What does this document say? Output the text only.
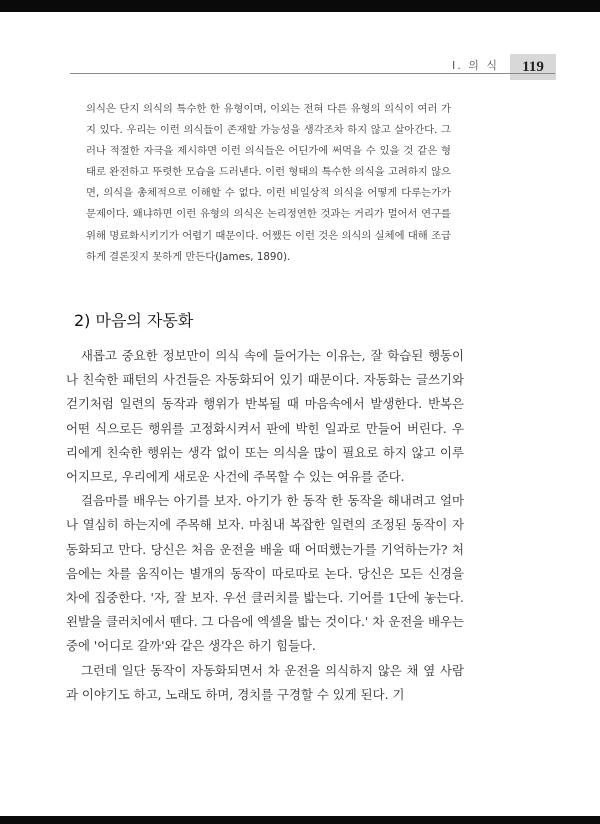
I. 의 식	119
의식은 단지 의식의 특수한 한 유형이며, 이외는 전혀 다른 유형의 의식이 여러 가지 있다. 우리는 이런 의식들이 존재할 가능성을 생각조차 하지 않고 살아간다. 그러나 적절한 자극을 제시하면 이런 의식들은 어딘가에 써먹을 수 있을 것 같은 형태로 완전하고 뚜렷한 모습을 드러낸다. 이런 형태의 특수한 의식을 고려하지 않으면, 의식을 총체적으로 이해할 수 없다. 이런 비일상적 의식을 어떻게 다루는가가 문제이다. 왜냐하면 이런 유형의 의식은 논리정연한 것과는 거리가 멀어서 연구를 위해 명료화시키기가 어렵기 때문이다. 어쨌든 이런 것은 의식의 실체에 대해 조급하게 결론짓지 못하게 만든다(James, 1890).
2) 마음의 자동화

새롭고 중요한 정보만이 의식 속에 들어가는 이유는, 잘 학습된 행동이나 친숙한 패턴의 사건들은 자동화되어 있기 때문이다. 자동화는 글쓰기와 걷기처럼 일련의 동작과 행위가 반복될 때 마음속에서 발생한다. 반복은 어떤 식으로든 행위를 고정화시켜서 판에 박힌 일과로 만들어 버린다. 우리에게 친숙한 행위는 생각 없이 또는 의식을 많이 필요로 하지 않고 이루어지므로, 우리에게 새로운 사건에 주목할 수 있는 여유를 준다.

걸음마를 배우는 아기를 보자. 아기가 한 동작 한 동작을 해내려고 얼마나 열심히 하는지에 주목해 보자. 마침내 복잡한 일련의 조정된 동작이 자동화되고 만다. 당신은 처음 운전을 배울 때 어떠했는가를 기억하는가? 처음에는 차를 움직이는 별개의 동작이 따로따로 논다. 당신은 모든 신경을 차에 집중한다. '자, 잘 보자. 우선 클러치를 밟는다. 기어를 1단에 놓는다. 왼발을 클러치에서 뗀다. 그 다음에 엑셀을 밟는 것이다.' 차 운전을 배우는 중에 '어디로 갈까'와 같은 생각은 하기 힘들다.

그런데 일단 동작이 자동화되면서 차 운전을 의식하지 않은 채 옆 사람과 이야기도 하고, 노래도 하며, 경치를 구경할 수 있게 된다. 기
